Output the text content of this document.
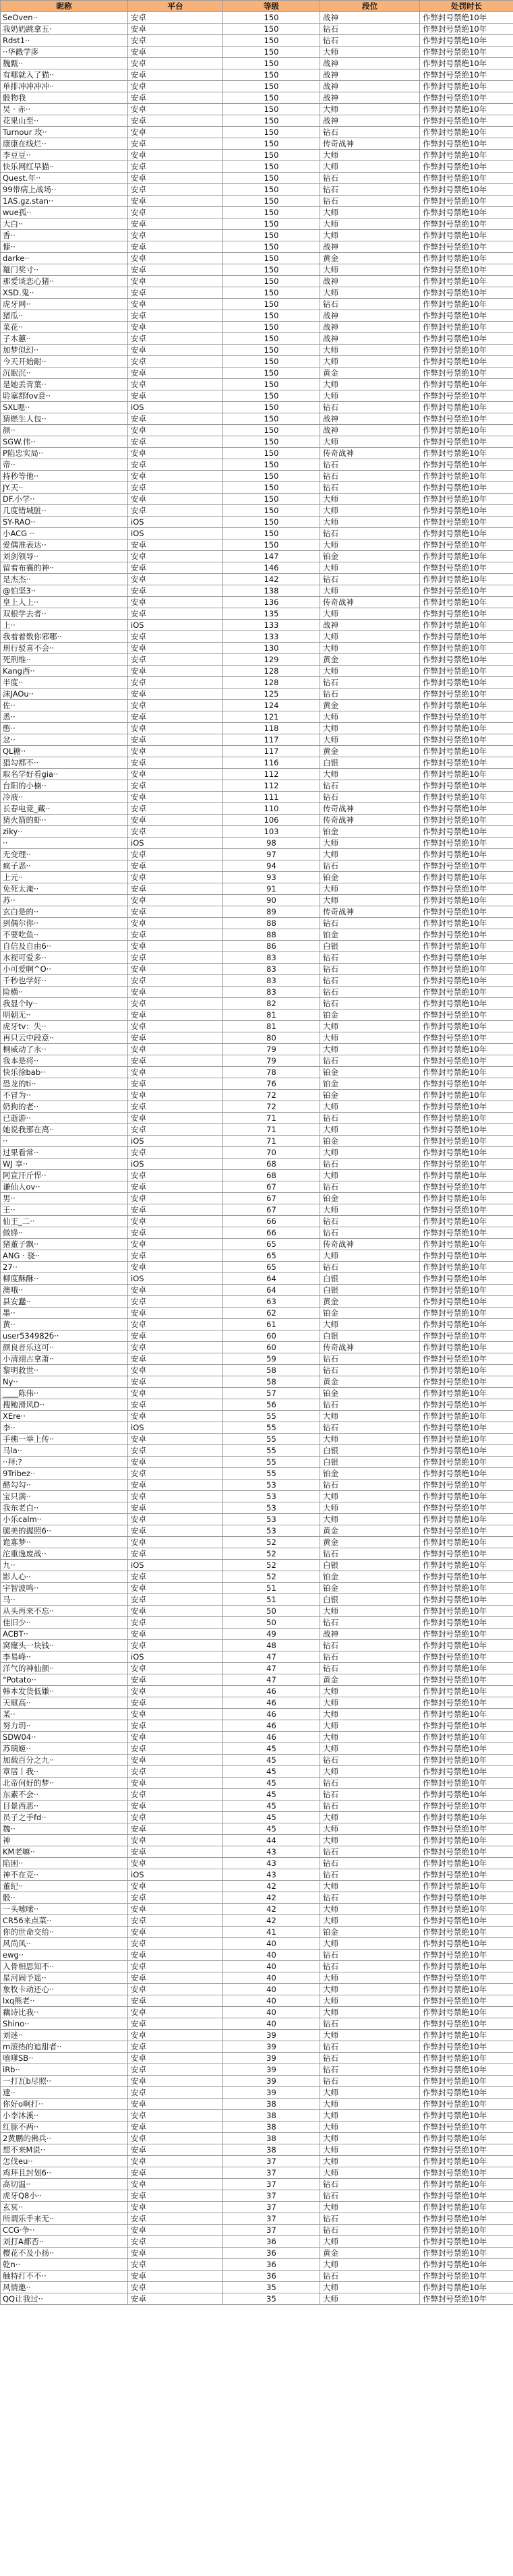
昵称	平台	等级	段位	处罚时长
SeOven··	安卓	150	战神	作弊封号禁绝10年
我奶奶跳拿五·	安卓	150	钻石	作弊封号禁绝10年
Rdst1··	安卓	150	钻石	作弊封号禁绝10年
··华戳学㢁	安卓	150	大师	作弊封号禁绝10年
魏甄··	安卓	150	战神	作弊封号禁绝10年
有哪就入了猫··	安卓	150	战神	作弊封号禁绝10年
单排冲冲冲冲··	安卓	150	战神	作弊封号禁绝10年
骰物我	安卓	150	战神	作弊封号禁绝10年
吴 · 赤··	安卓	150	大师	作弊封号禁绝10年
花果山至··	安卓	150	战神	作弊封号禁绝10年
Turnour 玫··	安卓	150	钻石	作弊封号禁绝10年
康康在线烂··	安卓	150	传奇战神	作弊封号禁绝10年
李豆豆··	安卓	150	大师	作弊封号禁绝10年
快乐网红早猫··	安卓	150	大师	作弊封号禁绝10年
Quest.年··	安卓	150	钻石	作弊封号禁绝10年
99带病上战场··	安卓	150	钻石	作弊封号禁绝10年
1AS.gz.stan··	安卓	150	钻石	作弊封号禁绝10年
wue孤··	安卓	150	大师	作弊封号禁绝10年
大白··	安卓	150	大师	作弊封号禁绝10年
香··	安卓	150	大师	作弊封号禁绝10年
慷··	安卓	150	战神	作弊封号禁绝10年
darke··	安卓	150	黄金	作弊封号禁绝10年
鼍门奖寸··	安卓	150	大师	作弊封号禁绝10年
那爱谈恋心猪··	安卓	150	战神	作弊封号禁绝10年
XSD.鬼··	安卓	150	大师	作弊封号禁绝10年
虎牙网··	安卓	150	钻石	作弊封号禁绝10年
猪瓜··	安卓	150	战神	作弊封号禁绝10年
菜花··	安卓	150	战神	作弊封号禁绝10年
子木蕙··	安卓	150	战神	作弊封号禁绝10年
加梦似幻··	安卓	150	大师	作弊封号禁绝10年
今天开始耐··	安卓	150	大师	作弊封号禁绝10年
沉眠沉··	安卓	150	黄金	作弊封号禁绝10年
是她丢青葉··	安卓	150	大师	作弊封号禁绝10年
聆塞都fov意··	安卓	150	大师	作弊封号禁绝10年
SXL嗯··	iOS	150	钻石	作弊封号禁绝10年
猜燃生人包··	安卓	150	战神	作弊封号禁绝10年
颜··	安卓	150	战神	作弊封号禁绝10年
SGW.伟··	安卓	150	大师	作弊封号禁绝10年
P陷忠实局··	安卓	150	传奇战神	作弊封号禁绝10年
帝··	安卓	150	钻石	作弊封号禁绝10年
持秒等他··	安卓	150	钻石	作弊封号禁绝10年
JY.天··	安卓	150	钻石	作弊封号禁绝10年
DF.小学··	安卓	150	大师	作弊封号禁绝10年
几度错城脏··	安卓	150	大师	作弊封号禁绝10年
SY-RAO··	iOS	150	大师	作弊封号禁绝10年
小ACG ··	iOS	150	钻石	作弊封号禁绝10年
爱偶准表达··	安卓	150	大师	作弊封号禁绝10年
刘剑领导··	安卓	147	铂金	作弊封号禁绝10年
留着布襄的神··	安卓	146	大师	作弊封号禁绝10年
是杰杰··	安卓	142	钻石	作弊封号禁绝10年
@怕坚3··	安卓	138	大师	作弊封号禁绝10年
皇上人上··	安卓	136	传奇战神	作弊封号禁绝10年
双根学去者··	安卓	135	大师	作弊封号禁绝10年
上··	iOS	133	战神	作弊封号禁绝10年
我着着数你邪哪··	安卓	133	大师	作弊封号禁绝10年
刑行驳喜不会··	安卓	130	大师	作弊封号禁绝10年
死刑维··	安卓	129	黄金	作弊封号禁绝10年
Kang西··	安卓	128	大师	作弊封号禁绝10年
半度··	安卓	128	钻石	作弊封号禁绝10年
沫JAOu··	安卓	125	钻石	作弊封号禁绝10年
佐··	安卓	124	黄金	作弊封号禁绝10年
悉··	安卓	121	大师	作弊封号禁绝10年
憋··	安卓	118	大师	作弊封号禁绝10年
忿··	安卓	117	大师	作弊封号禁绝10年
QL糖··	安卓	117	黄金	作弊封号禁绝10年
猖勾都不··	安卓	116	白银	作弊封号禁绝10年
取名学好看gia··	安卓	112	大师	作弊封号禁绝10年
台阳的小楠··	安卓	112	钻石	作弊封号禁绝10年
冷液··	安卓	111	钻石	作弊封号禁绝10年
长春电竞_藏··	安卓	110	传奇战神	作弊封号禁绝10年
猜火箭的虾··	安卓	106	传奇战神	作弊封号禁绝10年
ziky··	安卓	103	铂金	作弊封号禁绝10年
··	iOS	98	大师	作弊封号禁绝10年
无变理··	安卓	97	大师	作弊封号禁绝10年
疯子恶··	安卓	94	钻石	作弊封号禁绝10年
上元··	安卓	93	铂金	作弊封号禁绝10年
免死太淹··	安卓	91	大师	作弊封号禁绝10年
苏··	安卓	90	大师	作弊封号禁绝10年
玄白是的··	安卓	89	传奇战神	作弊封号禁绝10年
到偶尔你··	安卓	88	钻石	作弊封号禁绝10年
不要吃鱼··	安卓	88	铂金	作弊封号禁绝10年
自信及自由6··	安卓	86	白银	作弊封号禁绝10年
水视可爱多··	安卓	83	钻石	作弊封号禁绝10年
小可爱啊^O··	安卓	83	钻石	作弊封号禁绝10年
千秒也学好··	安卓	83	钻石	作弊封号禁绝10年
险横··	安卓	83	钻石	作弊封号禁绝10年
我显个ly··	安卓	82	钻石	作弊封号禁绝10年
明朝无··	安卓	81	铂金	作弊封号禁绝10年
虎牙tv：失··	安卓	81	大师	作弊封号禁绝10年
再只云中段意··	安卓	80	大师	作弊封号禁绝10年
桐威动了永··	安卓	79	大师	作弊封号禁绝10年
我本是将··	安卓	79	钻石	作弊封号禁绝10年
快乐徐bab··	安卓	78	铂金	作弊封号禁绝10年
恐龙的ti··	安卓	76	铂金	作弊封号禁绝10年
不冒为··	安卓	72	铂金	作弊封号禁绝10年
奶狗的老··	安卓	72	大师	作弊封号禁绝10年
已逝游··	安卓	71	钻石	作弊封号禁绝10年
她说我那在离··	安卓	71	大师	作弊封号禁绝10年
··	iOS	71	铂金	作弊封号禁绝10年
过果看常··	安卓	70	大师	作弊封号禁绝10年
WJ 享··	iOS	68	钻石	作弊封号禁绝10年
阿宣汗斤悍··	安卓	68	大师	作弊封号禁绝10年
谦仙人ov··	安卓	67	钻石	作弊封号禁绝10年
男··	安卓	67	铂金	作弊封号禁绝10年
王··	安卓	67	大师	作弊封号禁绝10年
仙王_二··	安卓	66	钻石	作弊封号禁绝10年
做锋··	安卓	66	钻石	作弊封号禁绝10年
猪董子飘··	安卓	65	传奇战神	作弊封号禁绝10年
ANG · 骁··	安卓	65	大师	作弊封号禁绝10年
27··	安卓	65	钻石	作弊封号禁绝10年
柳度酥酥··	iOS	64	白银	作弊封号禁绝10年
澳哦··	安卓	64	白银	作弊封号禁绝10年
县安蠢··	安卓	63	黄金	作弊封号禁绝10年
墨··	安卓	62	铂金	作弊封号禁绝10年
黄··	安卓	61	大师	作弊封号禁绝10年
user534982б··	安卓	60	白银	作弊封号禁绝10年
颜良音乐这可··	安卓	60	传奇战神	作弊封号禁绝10年
小清翊古拿萧··	安卓	59	钻石	作弊封号禁绝10年
黎明救世··	安卓	58	钻石	作弊封号禁绝10年
Ny··	安卓	58	黄金	作弊封号禁绝10年
____陈伟··	安卓	57	铂金	作弊封号禁绝10年
搜鲍滑风D··	安卓	56	钻石	作弊封号禁绝10年
XEre··	安卓	55	大师	作弊封号禁绝10年
李··	iOS	55	钻石	作弊封号禁绝10年
手拂一举上传··	安卓	55	大师	作弊封号禁绝10年
马la··	安卓	55	白银	作弊封号禁绝10年
··拜:?	安卓	55	白银	作弊封号禁绝10年
9Tribez··	安卓	55	铂金	作弊封号禁绝10年
酷勾勾··	安卓	53	钻石	作弊封号禁绝10年
宝只满··	安卓	53	大师	作弊封号禁绝10年
我东老白··	安卓	53	大师	作弊封号禁绝10年
小乐calm··	安卓	53	大师	作弊封号禁绝10年
腿美的握照6··	安卓	53	黄金	作弊封号禁绝10年
诡寡梦··	安卓	52	黄金	作弊封号禁绝10年
沱重逸废战··	安卓	52	钻石	作弊封号禁绝10年
九··	iOS	52	白银	作弊封号禁绝10年
影人心··	安卓	52	铂金	作弊封号禁绝10年
宇智波鸣··	安卓	51	铂金	作弊封号禁绝10年
马··	安卓	51	白银	作弊封号禁绝10年
从头再来不忘··	安卓	50	大师	作弊封号禁绝10年
佳旧少··	安卓	50	钻石	作弊封号禁绝10年
ACBT··	安卓	49	战神	作弊封号禁绝10年
窝窿头一块钱··	安卓	48	钻石	作弊封号禁绝10年
李易峰··	iOS	47	钻石	作弊封号禁绝10年
洋气的神仙颜··	安卓	47	钻石	作弊封号禁绝10年
°Potato··	安卓	47	黄金	作弊封号禁绝10年
韩本发货低嫌··	安卓	46	大师	作弊封号禁绝10年
天赋高··	安卓	46	大师	作弊封号禁绝10年
某··	安卓	46	大师	作弊封号禁绝10年
努力玥··	安卓	46	大师	作弊封号禁绝10年
SDW04··	安卓	46	大师	作弊封号禁绝10年
苏璃姬··	安卓	45	大师	作弊封号禁绝10年
加载百分之九··	安卓	45	钻石	作弊封号禁绝10年
章居丨我··	安卓	45	大师	作弊封号禁绝10年
北帝何好的梦··	安卓	45	钻石	作弊封号禁绝10年
东素不会··	安卓	45	钻石	作弊封号禁绝10年
目景西恶··	安卓	45	钻石	作弊封号禁绝10年
员子之手fd··	安卓	45	大师	作弊封号禁绝10年
魏··	安卓	45	大师	作弊封号禁绝10年
神	安卓	44	大师	作弊封号禁绝10年
KM老嘛··	安卓	43	钻石	作弊封号禁绝10年
陷困··	安卓	43	钻石	作弊封号禁绝10年
神不在克··	iOS	43	钻石	作弊封号禁绝10年
董纪··	安卓	42	大师	作弊封号禁绝10年
骰··	安卓	42	钻石	作弊封号禁绝10年
一头嗦嗦··	安卓	42	大师	作弊封号禁绝10年
CR56来点菜··	安卓	42	大师	作弊封号禁绝10年
你的世命交给··	安卓	41	铂金	作弊封号禁绝10年
风尚风··	安卓	40	大师	作弊封号禁绝10年
ewg··	安卓	40	钻石	作弊封号禁绝10年
入骨相思知不··	安卓	40	钻石	作弊封号禁绝10年
星河闹予遥··	安卓	40	大师	作弊封号禁绝10年
象牧卡动还心··	安卓	40	大师	作弊封号禁绝10年
lxq熊老··	安卓	40	大师	作弊封号禁绝10年
藕诗比我··	安卓	40	大师	作弊封号禁绝10年
Shino··	安卓	40	钻石	作弊封号禁绝10年
刘迷··	安卓	39	大师	作弊封号禁绝10年
m滚热的追甜者··	安卓	39	钻石	作弊封号禁绝10年
嘻嗲SB··	安卓	39	钻石	作弊封号禁绝10年
iRb··	安卓	39	钻石	作弊封号禁绝10年
一打瓦b尽照··	安卓	39	钻石	作弊封号禁绝10年
逮··	安卓	39	大师	作弊封号禁绝10年
你好o啊打··	安卓	38	大师	作弊封号禁绝10年
小李沐溪··	安卓	38	大师	作弊封号禁绝10年
红豚不两··	安卓	38	大师	作弊封号禁绝10年
2黄鹏的佛兵··	安卓	38	大师	作弊封号禁绝10年
想不来M说··	安卓	38	大师	作弊封号禁绝10年
怎伐eu··	安卓	37	大师	作弊封号禁绝10年
鸡拜且封划6··	安卓	37	大师	作弊封号禁绝10年
高切温··	安卓	37	钻石	作弊封号禁绝10年
虎牙Q8小··	安卓	37	钻石	作弊封号禁绝10年
玄冥··	安卓	37	大师	作弊封号禁绝10年
所谓乐手来无··	安卓	37	钻石	作弊封号禁绝10年
CCG·争··	安卓	37	钻石	作弊封号禁绝10年
刘打A都否··	安卓	36	大师	作弊封号禁绝10年
樱花不及小扬··	安卓	36	黄金	作弊封号禁绝10年
乾n··	安卓	36	大师	作弊封号禁绝10年
触特打不不··	安卓	36	钻石	作弊封号禁绝10年
风情邀··	安卓	35	大师	作弊封号禁绝10年
QQ让我过··	安卓	35	大师	作弊封号禁绝10年
